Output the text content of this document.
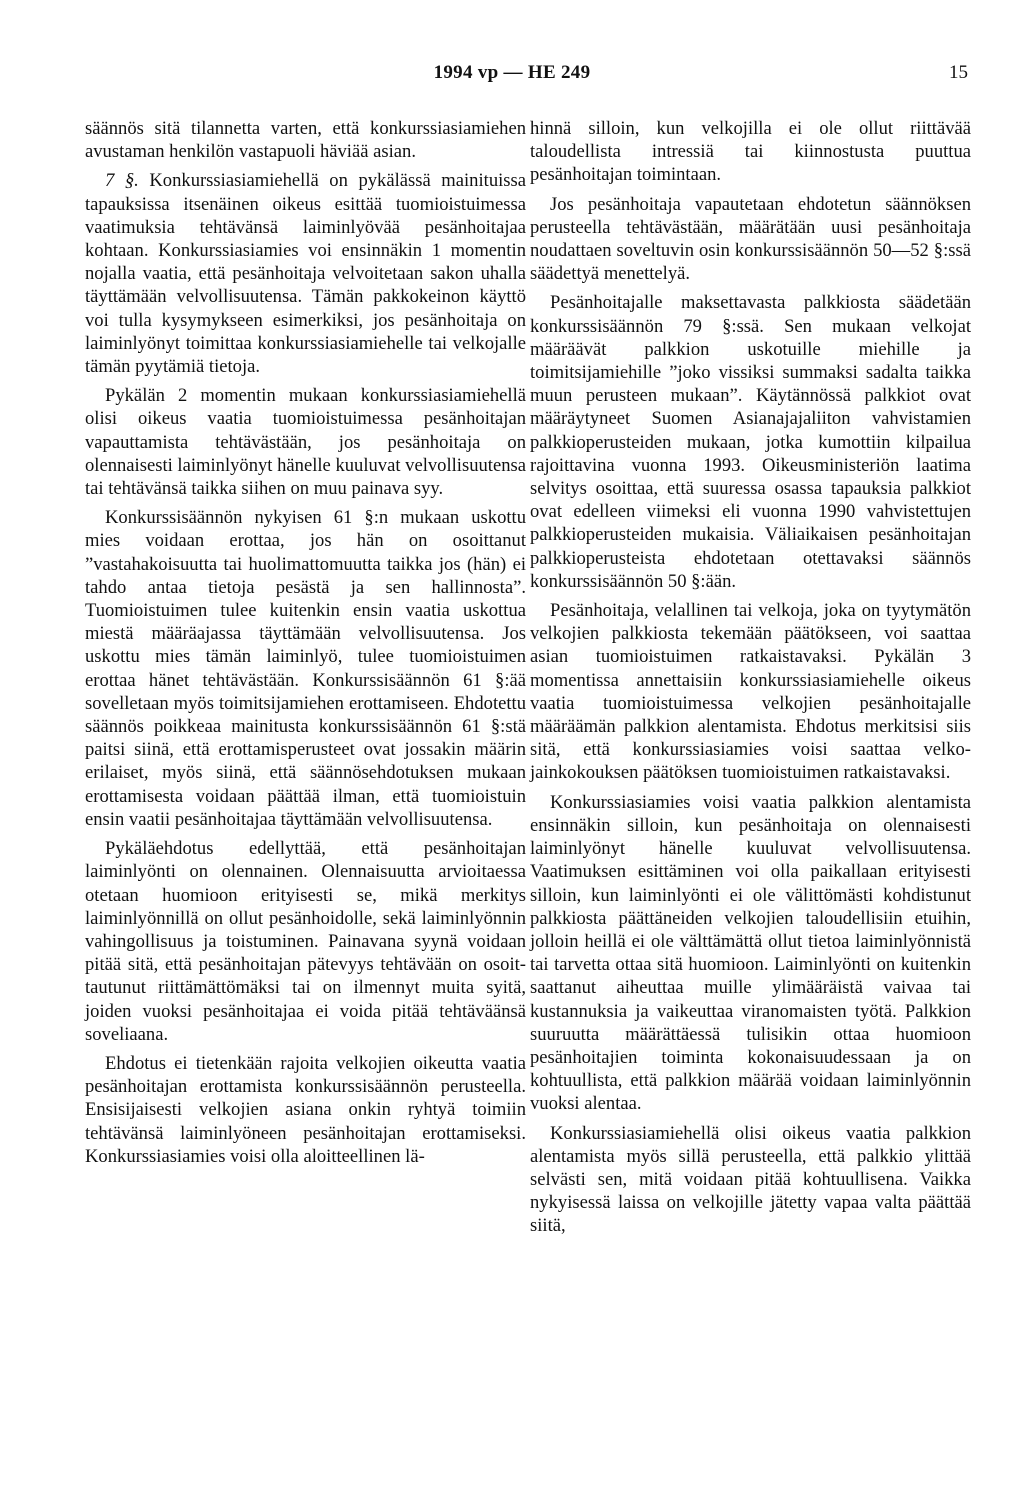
1994 vp — HE 249	15

säännös sitä tilannetta varten, että konkurssiasiamiehen avustaman henkilön vastapuoli häviää asian.

7 §. Konkurssiasiamiehellä on pykälässä mainituissa tapauksissa itsenäinen oikeus esittää tuomioistuimessa vaatimuksia tehtävänsä laiminlyövää pesänhoitajaa kohtaan. Konkurssiasiamies voi ensinnäkin 1 momentin nojalla vaatia, että pesänhoitaja velvoitetaan sakon uhalla täyttämään velvollisuutensa. Tämän pakkokeinon käyttö voi tulla kysymykseen esimerkiksi, jos pesänhoitaja on laiminlyönyt toimittaa konkurssiasiamiehelle tai velkojalle tämän pyytämiä tietoja.

Pykälän 2 momentin mukaan konkurssiasiamiehellä olisi oikeus vaatia tuomioistuimessa pesänhoitajan vapauttamista tehtävästään, jos pesänhoitaja on olennaisesti laiminlyönyt hänelle kuuluvat velvollisuutensa tai tehtävänsä taikka siihen on muu painava syy.

Konkurssisäännön nykyisen 61 §:n mukaan uskottu mies voidaan erottaa, jos hän on osoittanut ”vastahakoisuutta tai huolimattomuutta taikka jos (hän) ei tahdo antaa tietoja pesästä ja sen hallinnosta”. Tuomioistuimen tulee kuitenkin ensin vaatia uskottua miestä määräajassa täyttämään velvollisuutensa. Jos uskottu mies tämän laiminlyö, tulee tuomioistuimen erottaa hänet tehtävästään. Konkurssisäännön 61 §:ää sovelletaan myös toimitsijamiehen erottamiseen. Ehdotettu säännös poikkeaa mainitusta konkurssisäännön 61 §:stä paitsi siinä, että erottamisperusteet ovat jossakin määrin erilaiset, myös siinä, että säännösehdotuksen mukaan erottamisesta voidaan päättää ilman, että tuomioistuin ensin vaatii pesänhoitajaa täyttämään velvollisuutensa.

Pykäläehdotus edellyttää, että pesänhoitajan laiminlyönti on olennainen. Olennaisuutta arvioitaessa otetaan huomioon erityisesti se, mikä merkitys laiminlyönnillä on ollut pesänhoidolle, sekä laiminlyönnin vahingollisuus ja toistuminen. Painavana syynä voidaan pitää sitä, että pesänhoitajan pätevyys tehtävään on osoittautunut riittämättömäksi tai on ilmennyt muita syitä, joiden vuoksi pesänhoitajaa ei voida pitää tehtäväänsä soveliaana.

Ehdotus ei tietenkään rajoita velkojien oikeutta vaatia pesänhoitajan erottamista konkurssisäännön perusteella. Ensisijaisesti velkojien asiana onkin ryhtyä toimiin tehtävänsä laiminlyöneen pesänhoitajan erottamiseksi. Konkurssiasiamies voisi olla aloitteellinen lä-

hinnä silloin, kun velkojilla ei ole ollut riittävää taloudellista intressiä tai kiinnostusta puuttua pesänhoitajan toimintaan.

Jos pesänhoitaja vapautetaan ehdotetun säännöksen perusteella tehtävästään, määrätään uusi pesänhoitaja noudattaen soveltuvin osin konkurssisäännön 50—52 §:ssä säädettyä menettelyä.

Pesänhoitajalle maksettavasta palkkiosta säädetään konkurssisäännön 79 §:ssä. Sen mukaan velkojat määräävät palkkion uskotuille miehille ja toimitsijamiehille ”joko vissiksi summaksi sadalta taikka muun perusteen mukaan”. Käytännössä palkkiot ovat määräytyneet Suomen Asianajajaliiton vahvistamien palkkioperusteiden mukaan, jotka kumottiin kilpailua rajoittavina vuonna 1993. Oikeusministeriön laatima selvitys osoittaa, että suuressa osassa tapauksia palkkiot ovat edelleen viimeksi eli vuonna 1990 vahvistettujen palkkioperusteiden mukaisia. Väliaikaisen pesänhoitajan palkkioperusteista ehdotetaan otettavaksi säännös konkurssisäännön 50 §:ään.

Pesänhoitaja, velallinen tai velkoja, joka on tyytymätön velkojien palkkiosta tekemään päätökseen, voi saattaa asian tuomioistuimen ratkaistavaksi. Pykälän 3 momentissa annettaisiin konkurssiasiamiehelle oikeus vaatia tuomioistuimessa velkojien pesänhoitajalle määräämän palkkion alentamista. Ehdotus merkitsisi siis sitä, että konkurssiasiamies voisi saattaa velkojainkokouksen päätöksen tuomioistuimen ratkaistavaksi.

Konkurssiasiamies voisi vaatia palkkion alentamista ensinnäkin silloin, kun pesänhoitaja on olennaisesti laiminlyönyt hänelle kuuluvat velvollisuutensa. Vaatimuksen esittäminen voi olla paikallaan erityisesti silloin, kun laiminlyönti ei ole välittömästi kohdistunut palkkiosta päättäneiden velkojien taloudellisiin etuihin, jolloin heillä ei ole välttämättä ollut tietoa laiminlyönnistä tai tarvetta ottaa sitä huomioon. Laiminlyönti on kuitenkin saattanut aiheuttaa muille ylimääräistä vaivaa tai kustannuksia ja vaikeuttaa viranomaisten työtä. Palkkion suuruutta määrättäessä tulisikin ottaa huomioon pesänhoitajien toiminta kokonaisuudessaan ja on kohtuullista, että palkkion määrää voidaan laiminlyönnin vuoksi alentaa.

Konkurssiasiamiehellä olisi oikeus vaatia palkkion alentamista myös sillä perusteella, että palkkio ylittää selvästi sen, mitä voidaan pitää kohtuullisena. Vaikka nykyisessä laissa on velkojille jätetty vapaa valta päättää siitä,
